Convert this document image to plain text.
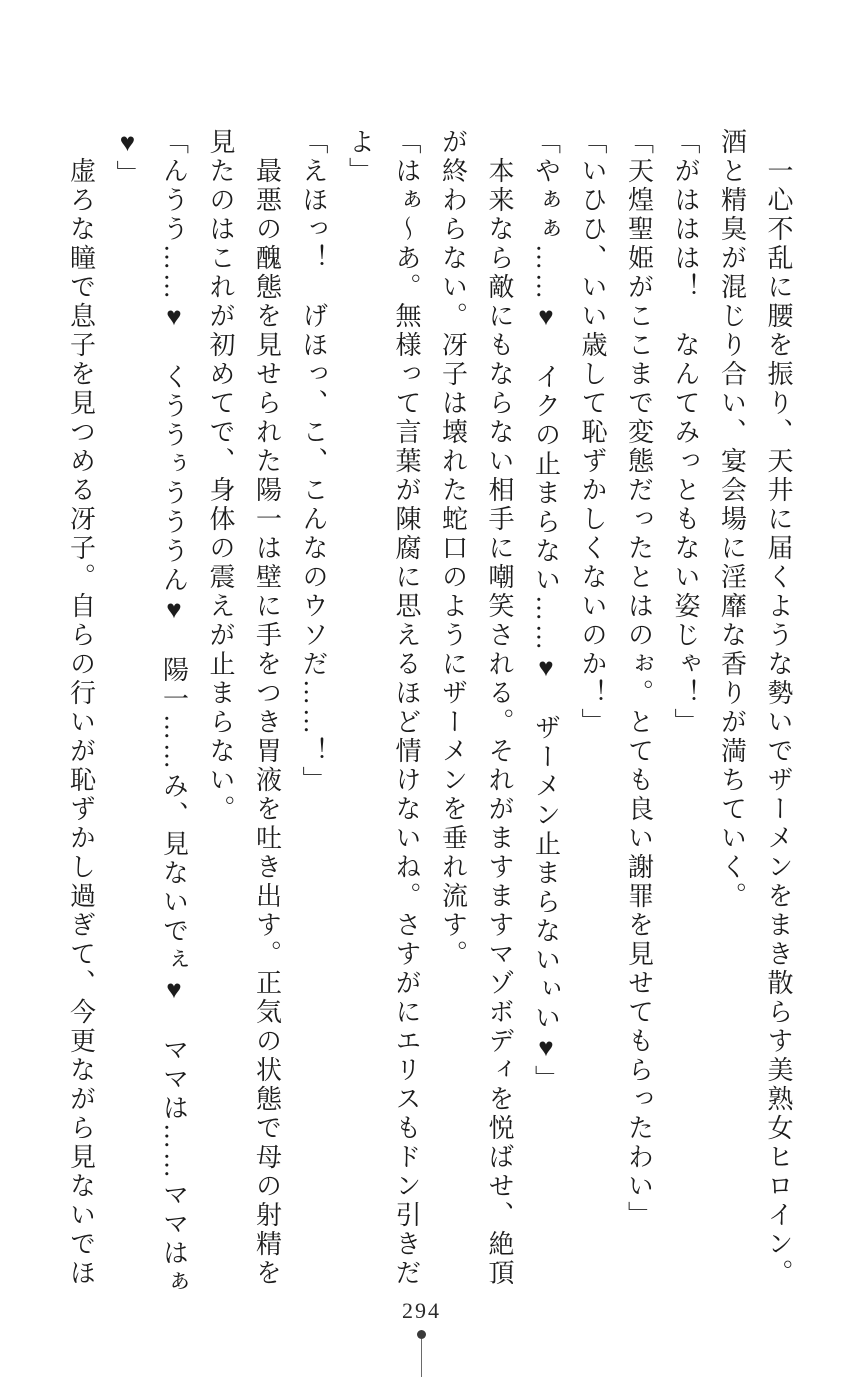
　一心不乱に腰を振り、天井に届くような勢いでザーメンをまき散らす美熟女ヒロイン。

酒と精臭が混じり合い、宴会場に淫靡な香りが満ちていく。

「がははは！　なんてみっともない姿じゃ！」

「天煌聖姫がここまで変態だったとはのぉ。とても良い謝罪を見せてもらったわい」

「いひひ、いい歳して恥ずかしくないのか！」

「やぁぁ……♥　イクの止まらない……♥　ザーメン止まらないぃい♥」

　本来なら敵にもならない相手に嘲笑される。それがますますマゾボディを悦ばせ、絶頂

が終わらない。冴子は壊れた蛇口のようにザーメンを垂れ流す。

「はぁ～あ。無様って言葉が陳腐に思えるほど情けないね。さすがにエリスもドン引きだ

よ」

「えほっ！　げほっ、こ、こんなのウソだ……！」

　最悪の醜態を見せられた陽一は壁に手をつき胃液を吐き出す。正気の状態で母の射精を

見たのはこれが初めてで、身体の震えが止まらない。

「んうう……♥　くううぅうううん♥　陽一……み、見ないでぇ♥　ママは……ママはぁ

♥」

　虚ろな瞳で息子を見つめる冴子。自らの行いが恥ずかし過ぎて、今更ながら見ないでほ

294
